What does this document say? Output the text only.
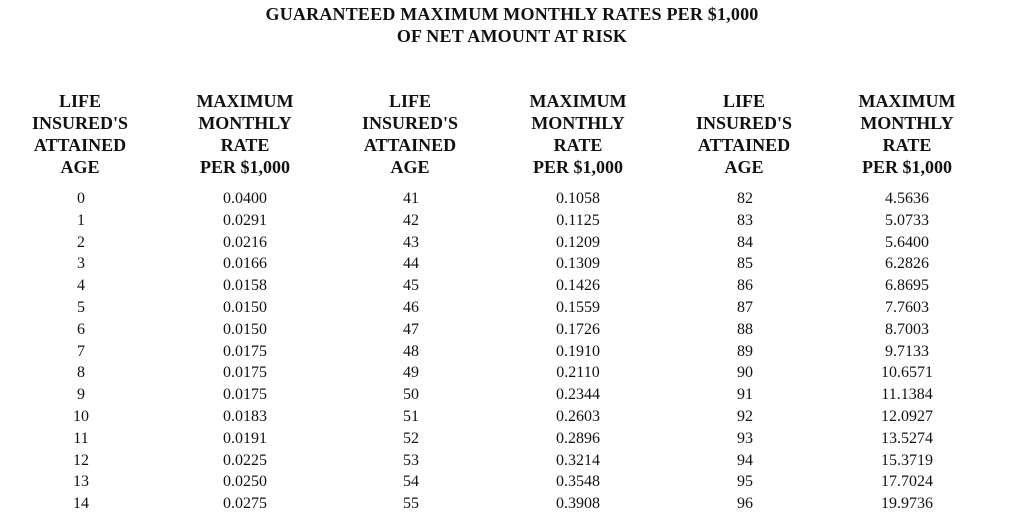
GUARANTEED MAXIMUM MONTHLY RATES PER $1,000
OF NET AMOUNT AT RISK
LIFE
INSURED'S
ATTAINED
AGE
0
1
2
3
4
5
6
7
8
9
10
11
12
13
14
MAXIMUM
MONTHLY
RATE
PER $1,000
0.0400
0.0291
0.0216
0.0166
0.0158
0.0150
0.0150
0.0175
0.0175
0.0175
0.0183
0.0191
0.0225
0.0250
0.0275
LIFE
INSURED'S
ATTAINED
AGE
41
42
43
44
45
46
47
48
49
50
51
52
53
54
55
MAXIMUM
MONTHLY
RATE
PER $1,000
0.1058
0.1125
0.1209
0.1309
0.1426
0.1559
0.1726
0.1910
0.2110
0.2344
0.2603
0.2896
0.3214
0.3548
0.3908
LIFE
INSURED'S
ATTAINED
AGE
82
83
84
85
86
87
88
89
90
91
92
93
94
95
96
MAXIMUM
MONTHLY
RATE
PER $1,000
4.5636
5.0733
5.6400
6.2826
6.8695
7.7603
8.7003
9.7133
10.6571
11.1384
12.0927
13.5274
15.3719
17.7024
19.9736
